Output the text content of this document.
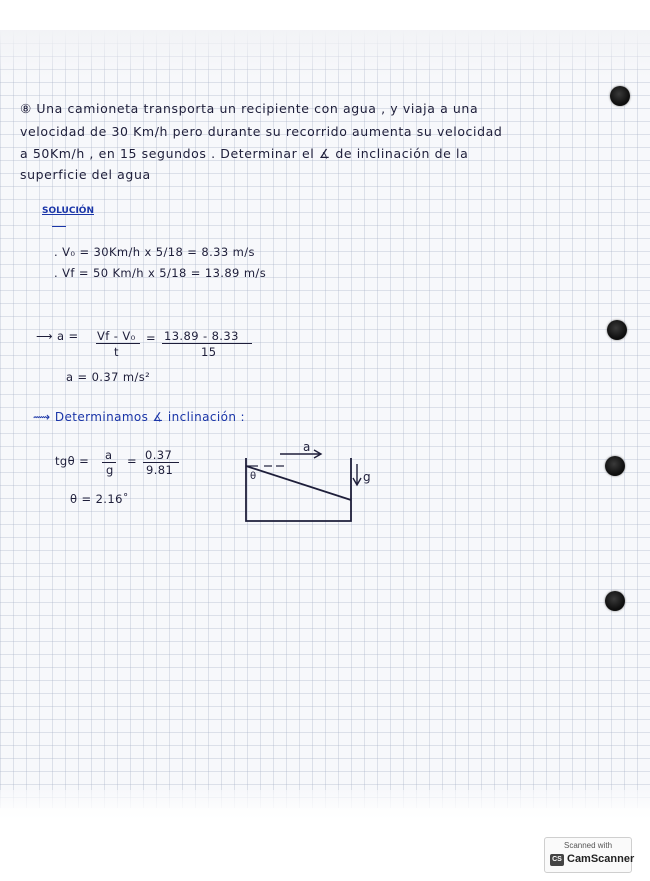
⑧ Una camioneta transporta un recipiente con agua , y viaja a una
velocidad de 30 Km/h pero durante su recorrido aumenta su velocidad
a 50Km/h , en 15 segundos . Determinar el ∡ de inclinación de la
superficie del agua
SOLUCIÓN
. V₀ = 30Km/h x 5/18 = 8.33 m/s
. Vf = 50 Km/h x 5/18 = 13.89 m/s
⟶ a = Vf - V₀
t
= 13.89 - 8.33
15
a = 0.37 m/s²
⟿ Determinamos ∡ inclinación :
tgθ = a
g
= 0.37
9.81
θ = 2.16˚
a
g
θ
Scanned with
CS CamScanner
